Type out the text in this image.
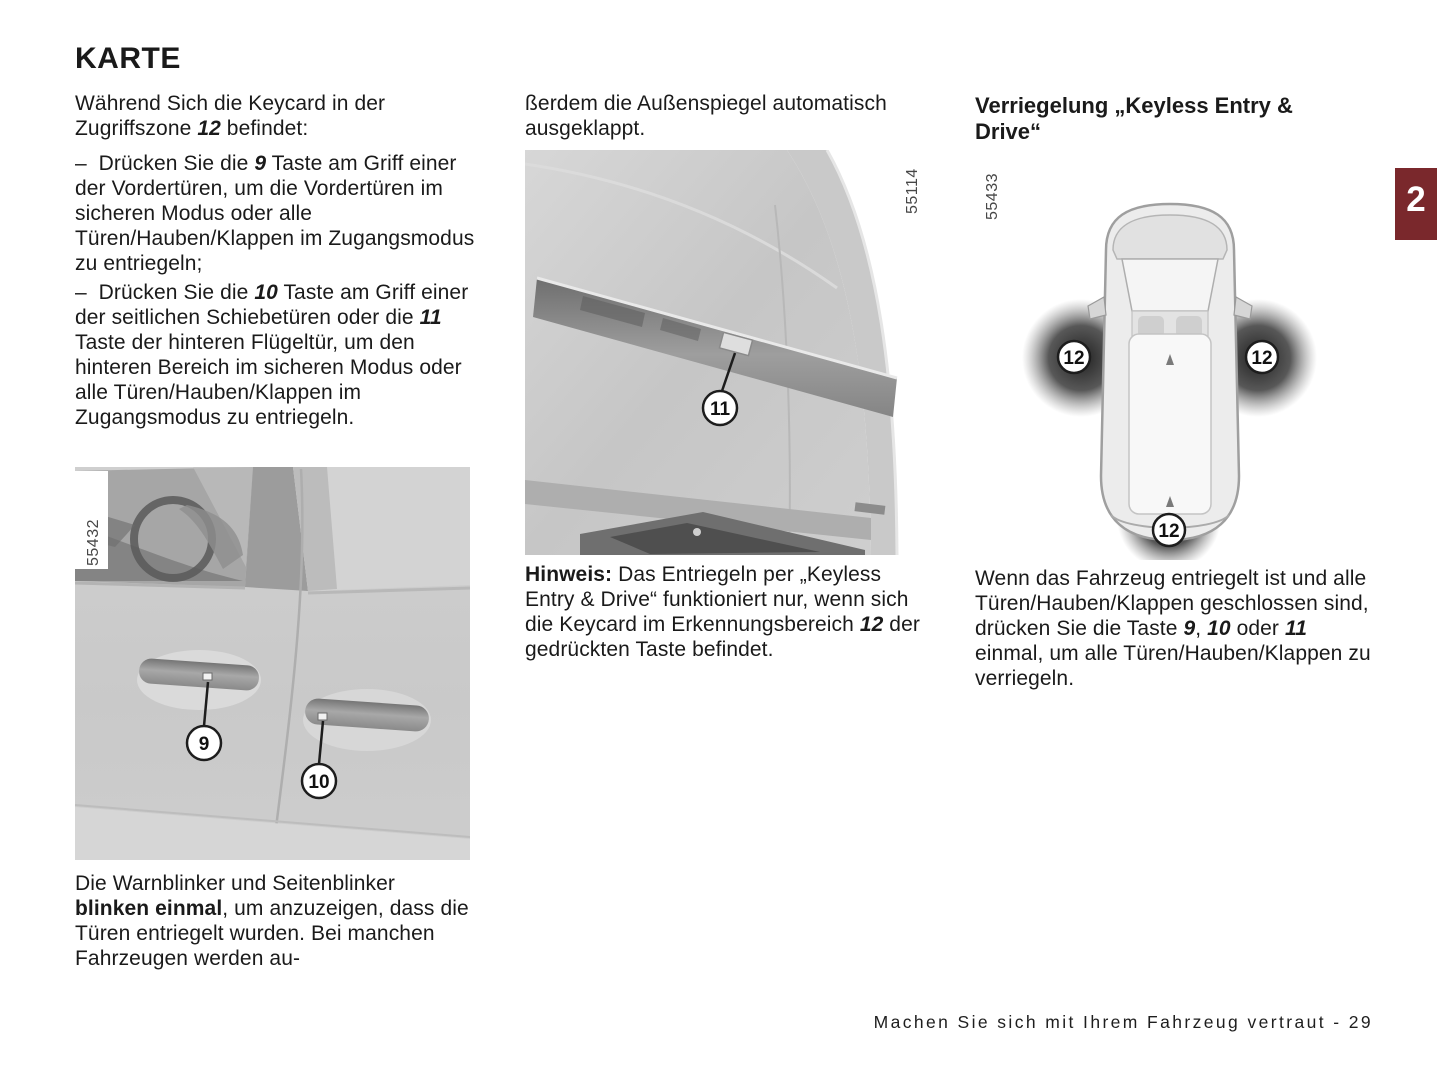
KARTE

Während Sich die Keycard in der Zugriffszone 12 befindet:

–  Drücken Sie die 9 Taste am Griff einer der Vordertüren, um die Vordertüren im sicheren Modus oder alle Türen/Hauben/Klappen im Zugangsmodus zu entriegeln;

–  Drücken Sie die 10 Taste am Griff einer der seitlichen Schiebetüren oder die 11 Taste der hinteren Flügeltür, um den hinteren Bereich im sicheren Modus oder alle Türen/Hauben/Klappen im Zugangsmodus zu entriegeln.

9
10
55432

Die Warnblinker und Seitenblinker blinken einmal, um anzuzeigen, dass die Türen entriegelt wurden. Bei manchen Fahrzeugen werden au-

ßerdem die Außenspiegel automatisch ausgeklappt.

11
55114

Hinweis: Das Entriegeln per „Keyless Entry & Drive“ funktioniert nur, wenn sich die Keycard im Erkennungsbereich 12 der gedrückten Taste befindet.

Verriegelung „Keyless Entry & Drive“
55433
12	12
12

Wenn das Fahrzeug entriegelt ist und alle Türen/Hauben/Klappen geschlossen sind, drücken Sie die Taste 9, 10 oder 11 einmal, um alle Türen/Hauben/Klappen zu verriegeln.

2
Machen Sie sich mit Ihrem Fahrzeug vertraut - 29
